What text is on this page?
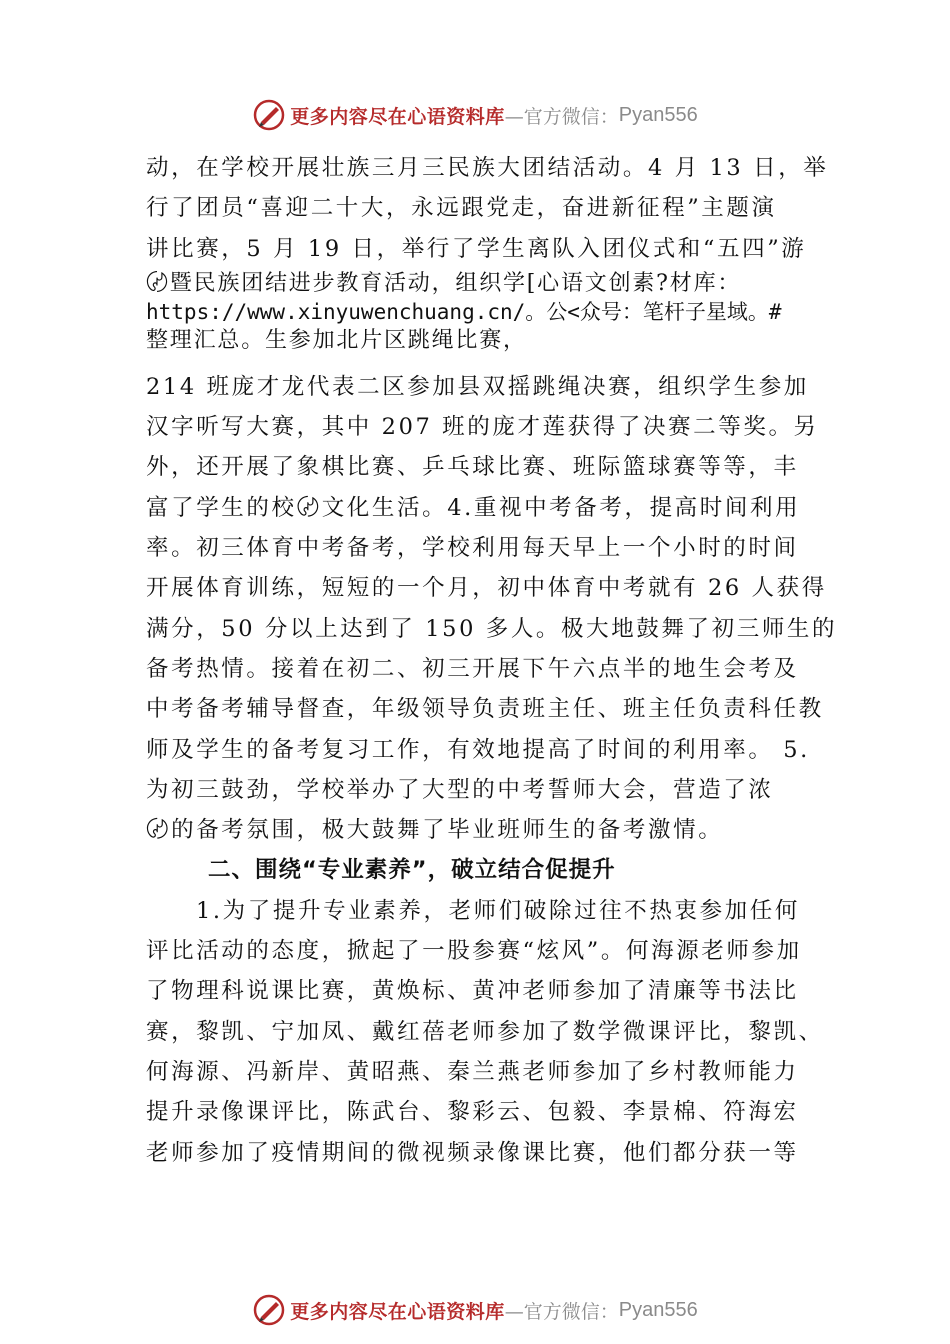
更多内容尽在心语资料库 —官方微信： Pyan556
动，在学校开展壮族三月三民族大团结活动。4 月 13 日，举
行了团员“喜迎二十大，永远跟党走，奋进新征程”主题演
讲比赛，5 月 19 日，举行了学生离队入团仪式和“五四”游
〄暨民族团结进步教育活动，组织学[心语文创素?材库：
https://www.xinyuwenchuang.cn/。公<众号：笔杆子星域。#
整理汇总。生参加北片区跳绳比赛，
214 班庞才龙代表二区参加县双摇跳绳决赛，组织学生参加
汉字听写大赛，其中 207 班的庞才莲获得了决赛二等奖。另
外，还开展了象棋比赛、乒乓球比赛、班际篮球赛等等，丰
富了学生的校〄文化生活。4.重视中考备考，提高时间利用
率。初三体育中考备考，学校利用每天早上一个小时的时间
开展体育训练，短短的一个月，初中体育中考就有 26 人获得
满分，50 分以上达到了 150 多人。极大地鼓舞了初三师生的
备考热情。接着在初二、初三开展下午六点半的地生会考及
中考备考辅导督查，年级领导负责班主任、班主任负责科任教
师及学生的备考复习工作，有效地提高了时间的利用率。 5.
为初三鼓劲，学校举办了大型的中考誓师大会，营造了浓
〄的备考氛围，极大鼓舞了毕业班师生的备考激情。
二、围绕“专业素养”，破立结合促提升
1.为了提升专业素养，老师们破除过往不热衷参加任何
评比活动的态度，掀起了一股参赛“炫风”。何海源老师参加
了物理科说课比赛，黄焕标、黄冲老师参加了清廉等书法比
赛，黎凯、宁加凤、戴红蓓老师参加了数学微课评比，黎凯、
何海源、冯新岸、黄昭燕、秦兰燕老师参加了乡村教师能力
提升录像课评比，陈武台、黎彩云、包毅、李景棉、符海宏
老师参加了疫情期间的微视频录像课比赛，他们都分获一等
更多内容尽在心语资料库 —官方微信： Pyan556
